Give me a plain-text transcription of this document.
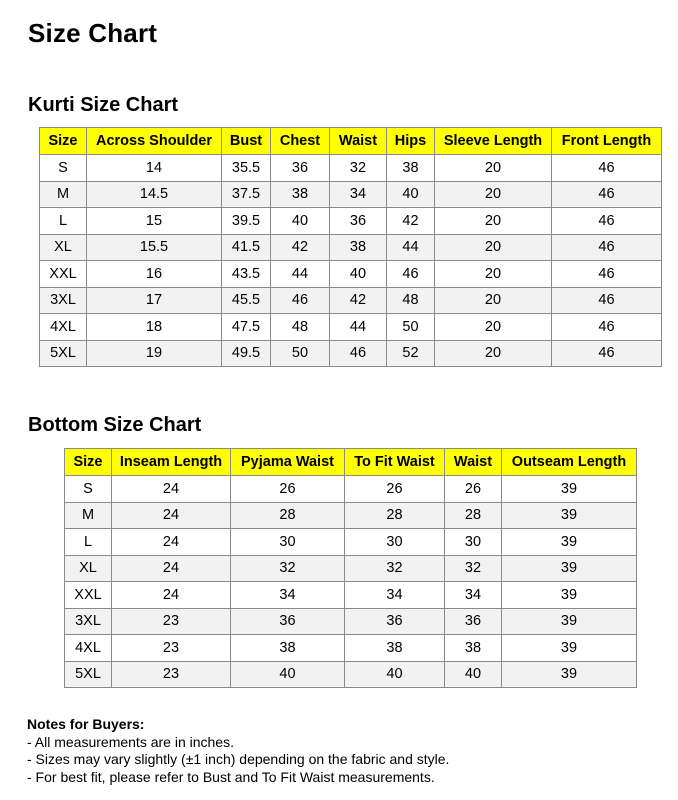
Size Chart
Kurti Size Chart
Size	Across Shoulder	Bust	Chest	Waist	Hips	Sleeve Length	Front Length
S	14	35.5	36	32	38	20	46
M	14.5	37.5	38	34	40	20	46
L	15	39.5	40	36	42	20	46
XL	15.5	41.5	42	38	44	20	46
XXL	16	43.5	44	40	46	20	46
3XL	17	45.5	46	42	48	20	46
4XL	18	47.5	48	44	50	20	46
5XL	19	49.5	50	46	52	20	46
Bottom Size Chart
Size	Inseam Length	Pyjama Waist	To Fit Waist	Waist	Outseam Length
S	24	26	26	26	39
M	24	28	28	28	39
L	24	30	30	30	39
XL	24	32	32	32	39
XXL	24	34	34	34	39
3XL	23	36	36	36	39
4XL	23	38	38	38	39
5XL	23	40	40	40	39
Notes for Buyers:
- All measurements are in inches.
- Sizes may vary slightly (±1 inch) depending on the fabric and style.
- For best fit, please refer to Bust and To Fit Waist measurements.
